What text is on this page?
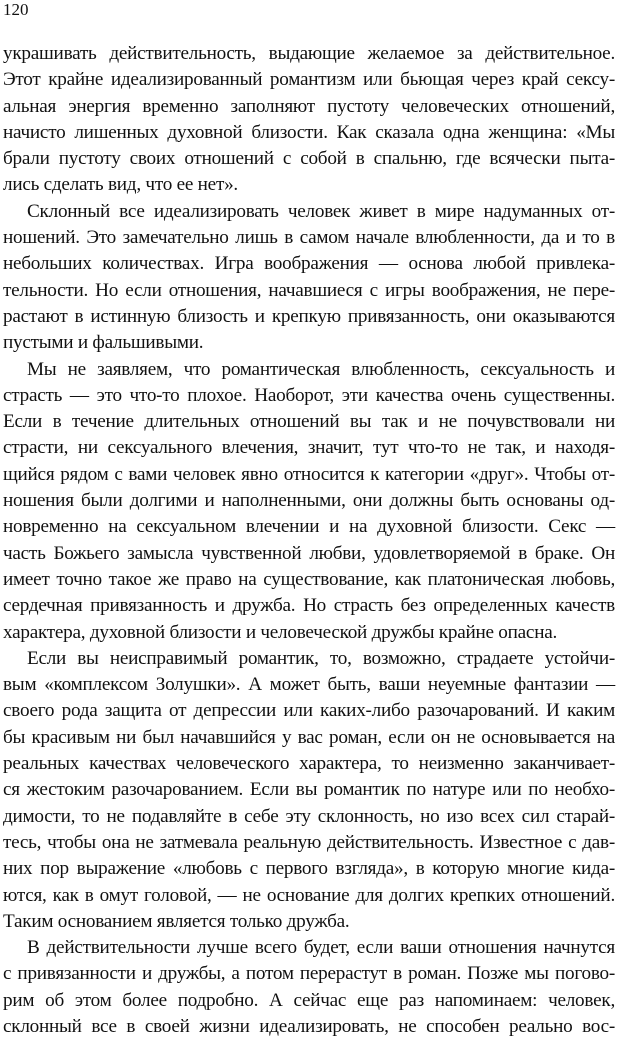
120
украшивать действительность, выдающие желаемое за действительное.
Этот крайне идеализированный романтизм или бьющая через край сексу-
альная энергия временно заполняют пустоту человеческих отношений,
начисто лишенных духовной близости. Как сказала одна женщина: «Мы
брали пустоту своих отношений с собой в спальню, где всячески пыта-
лись сделать вид, что ее нет».
Склонный все идеализировать человек живет в мире надуманных от-
ношений. Это замечательно лишь в самом начале влюбленности, да и то в
небольших количествах. Игра воображения — основа любой привлека-
тельности. Но если отношения, начавшиеся с игры воображения, не пере-
растают в истинную близость и крепкую привязанность, они оказываются
пустыми и фальшивыми.
Мы не заявляем, что романтическая влюбленность, сексуальность и
страсть — это что-то плохое. Наоборот, эти качества очень существенны.
Если в течение длительных отношений вы так и не почувствовали ни
страсти, ни сексуального влечения, значит, тут что-то не так, и находя-
щийся рядом с вами человек явно относится к категории «друг». Чтобы от-
ношения были долгими и наполненными, они должны быть основаны од-
новременно на сексуальном влечении и на духовной близости. Секс —
часть Божьего замысла чувственной любви, удовлетворяемой в браке. Он
имеет точно такое же право на существование, как платоническая любовь,
сердечная привязанность и дружба. Но страсть без определенных качеств
характера, духовной близости и человеческой дружбы крайне опасна.
Если вы неисправимый романтик, то, возможно, страдаете устойчи-
вым «комплексом Золушки». А может быть, ваши неуемные фантазии —
своего рода защита от депрессии или каких-либо разочарований. И каким
бы красивым ни был начавшийся у вас роман, если он не основывается на
реальных качествах человеческого характера, то неизменно заканчивает-
ся жестоким разочарованием. Если вы романтик по натуре или по необхо-
димости, то не подавляйте в себе эту склонность, но изо всех сил старай-
тесь, чтобы она не затмевала реальную действительность. Известное с дав-
них пор выражение «любовь с первого взгляда», в которую многие кида-
ются, как в омут головой, — не основание для долгих крепких отношений.
Таким основанием является только дружба.
В действительности лучше всего будет, если ваши отношения начнутся
с привязанности и дружбы, а потом перерастут в роман. Позже мы погово-
рим об этом более подробно. А сейчас еще раз напоминаем: человек,
склонный все в своей жизни идеализировать, не способен реально вос-
